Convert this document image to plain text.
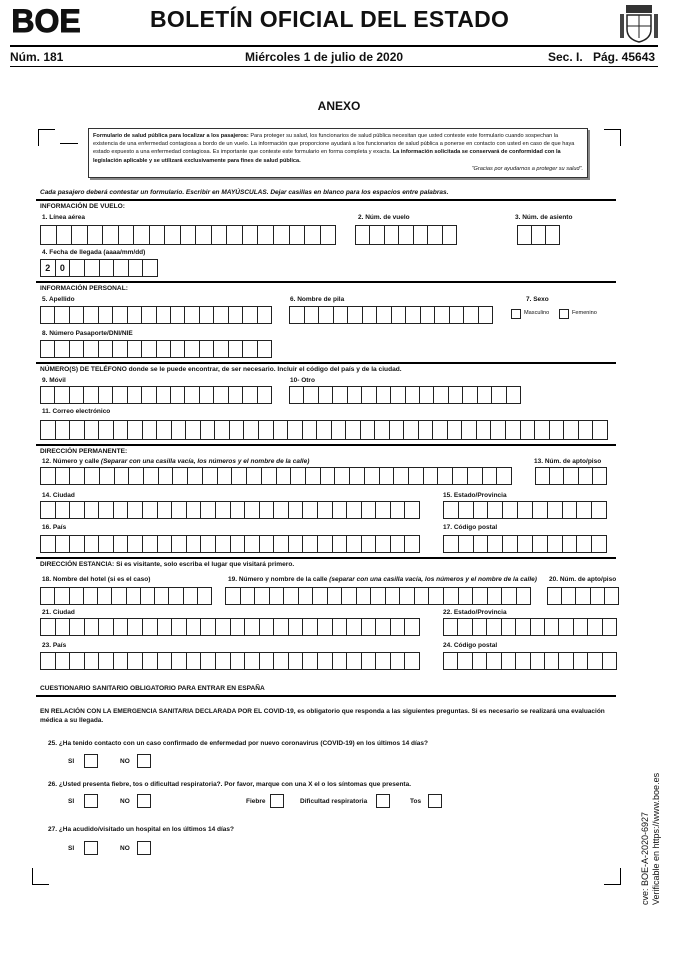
BOE	BOLETÍN OFICIAL DEL ESTADO
Núm. 181	Miércoles 1 de julio de 2020	Sec. I. Pág. 45643
ANEXO
Formulario de salud pública para localizar a los pasajeros: Para proteger su salud, los funcionarios de salud pública necesitan que usted conteste este formulario cuando sospechan la existencia de una enfermedad contagiosa a bordo de un vuelo. La información que proporcione ayudará a los funcionarios de salud pública a ponerse en contacto con usted en caso de que haya estado expuesto a una enfermedad contagiosa. Es importante que conteste este formulario en forma completa y exacta. La información solicitada se conservará de conformidad con la legislación aplicable y se utilizará exclusivamente para fines de salud pública.
“Gracias por ayudarnos a proteger su salud”.
Cada pasajero deberá contestar un formulario. Escribir en MAYÚSCULAS. Dejar casillas en blanco para los espacios entre palabras.
INFORMACIÓN DE VUELO:
1. Línea aérea	2. Núm. de vuelo	3. Núm. de asiento
4. Fecha de llegada (aaaa/mm/dd)
2	0
INFORMACIÓN PERSONAL:
5. Apellido	6. Nombre de pila	7. Sexo
Masculino	Femenino
8. Número Pasaporte/DNI/NIE
NÚMERO(S) DE TELÉFONO donde se le puede encontrar, de ser necesario. Incluir el código del país y de la ciudad.
9. Móvil	10- Otro
11. Correo electrónico
DIRECCIÓN PERMANENTE:
12. Número y calle (Separar con una casilla vacía, los números y el nombre de la calle)	13. Núm. de apto/piso
14. Ciudad	15. Estado/Provincia
16. País	17. Código postal
DIRECCIÓN ESTANCIA: Si es visitante, solo escriba el lugar que visitará primero.
18. Nombre del hotel (si es el caso)	19. Número y nombre de la calle (separar con una casilla vacía, los números y el nombre de la calle) 20. Núm. de apto/piso
21. Ciudad	22. Estado/Provincia
23. País	24. Código postal
CUESTIONARIO SANITARIO OBLIGATORIO PARA ENTRAR EN ESPAÑA
EN RELACIÓN CON LA EMERGENCIA SANITARIA DECLARADA POR EL COVID-19, es obligatorio que responda a las siguientes preguntas. Si es necesario se realizará una evaluación médica a su llegada.
25. ¿Ha tenido contacto con un caso confirmado de enfermedad por nuevo coronavirus (COVID-19) en los últimos 14 días?
SI	NO
26. ¿Usted presenta fiebre, tos o dificultad respiratoria?. Por favor, marque con una X el o los síntomas que presenta.
SI	NO	Fiebre	Dificultad respiratoria	Tos
27. ¿Ha acudido/visitado un hospital en los últimos 14 días?
SI	NO	cve: BOE-A-2020-6927 Verificable en https://www.boe.es
